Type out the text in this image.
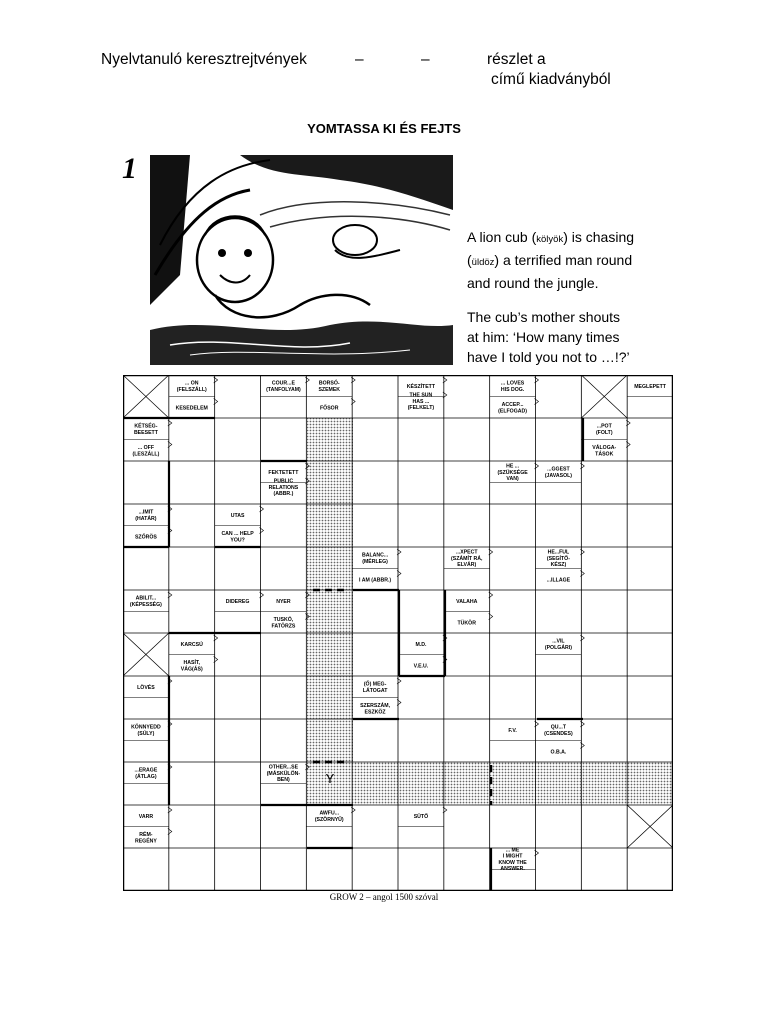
Nyelvtanuló keresztrejtvények	–	–	részlet a
című kiadványból
YOMTASSA KI ÉS FEJTS
1

A lion cub (kölyök) is chasing
(üldöz) a terrified man round
and round the jungle.

The cub’s mother shouts
at him: ‘How many times
have I told you not to …!?’

... ON (FELSZÁLL)
KESEDELEM
COUR...E (TANFOLYAM)
BORSÓ-SZEMEK
FŐSOR
KÉSZÍTETT
THE SUN HAS ... (FELKELT)
... LOVES HIS DOG.
ACCEP... (ELFOGAD)
MEGLEPETT
KÉTSÉG-BEESETT
... OFF (LESZÁLL)
...POT (FOLT)
VÁLOGA-TÁSOK
FEKTETETT
PUBLIC RELATIONS (ABBR.)
HE ... (SZÜKSÉGE VAN)
...GGEST (JAVASOL)
...IMIT (HATÁR)
SZŐRÖS
UTAS
CAN ... HELP YOU?
BALANC... (MÉRLEG)
I AM (ABBR.)
...XPECT (SZÁMÍT RÁ, ELVÁR)
HE...FUL (SEGÍTŐ-KÉSZ)
...ILLAGE
ABILIT... (KÉPESSÉG)
DIDEREG	NYER
TUSKÓ, FATÖRZS
VALAHA
TÜKÖR
KARCSÚ
HASÍT, VÁG(ÁS)
M.D.
V.E.U.
...VIL (POLGÁRI)
LÖVÉS
(Ő) MEG-LÁTOGAT
SZERSZÁM, ESZKÖZ
KÖNNYEDD (SÚLY)
F.V.
QU...T (CSENDES)
O.B.A.
...ERAGE (ÁTLAG)
OTHER...SE (MÁSKÜLÖN-BEN)
VARR
RÉM-REGÉNY
AWFU... (SZÖRNYŰ)
SÜTŐ
... ME I MIGHT KNOW THE ANSWER.
Y
GROW 2 – angol 1500 szóval
